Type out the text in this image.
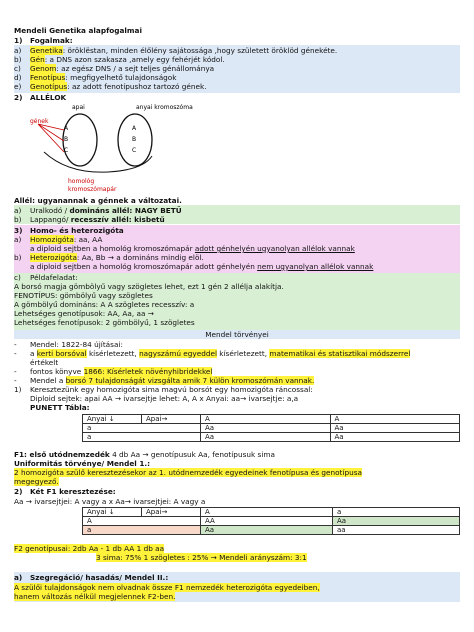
Mendeli Genetika alapfogalmai
1) Fogalmak:
a) Genetika: öröklëstan, minden élőlény sajátossága ,hogy született öröklöd génekéte.
b) Gén: a DNS azon szakasza ,amely egy fehérjét kódol.
c) Genom: az egész DNS / a sejt teljes génállománya
d) Fenotípus: megfigyelhető tulajdonságok
e) Genotípus: az adott fenotípushoz tartozó gének.
2) ALLÉLOK
apai	anyai kromoszóma
gének
A
B
C
A
B
C
homológ
kromoszómapár
Allél: ugyanannak a génnek a változatai.
a) Uralkodó / domináns allél: NAGY BETŰ
b) Lappangó/ recesszív allél: kisbetű
3) Homo- és heterozigóta
a) Homozigóta: aa, AA
a diploid sejtben a homológ kromoszómapár adott génhelyén ugyanolyan allélok vannak
b) Heterozigóta: Aa, Bb → a domináns mindig elöl.
a diploid sejtben a homológ kromoszómapár adott génhelyén nem ugyanolyan allélok vannak
c) Példafeladat:
A borsó magja gömbölyű vagy szögletes lehet, ezt 1 gén 2 allélja alakítja.
FENOTÍPUS: gömbölyű vagy szögletes
A gömbölyű domináns: A A szögletes recesszív: a
Lehetséges genotípusok: AA, Aa, aa →
Lehetséges fenotípusok: 2 gömbölyű, 1 szögletes
Mendel törvényei
- Mendel: 1822-84 újításai:
- a kerti borsóval kísérletezett, nagyszámú egyeddel kísérletezett, matematikai és statisztikai módszerrel
értékelt
- fontos könyve 1866: Kísérletek növényhibridekkel
- Mendel a borsó 7 tulajdonságát vizsgálta amik 7 külön kromoszómán vannak.
1) Keresztezünk egy homozigóta sima magvú borsót egy homozigóta ráncossal:
Diploid sejtek: apai AA → ivarsejtje lehet: A, A x Anyai: aa→ ivarsejtje: a,a
PUNETT Tábla:
Anyai ↓	Apai→	A	A
a		Aa	Aa
a		Aa	Aa
F1: első utódnemzedék 4 db Aa → genotípusuk Aa, fenotípusuk sima
Uniformitás törvénye/ Mendel 1.:
2 homozigóta szülő keresztezésekor az 1. utódnemzedék egyedeinek fenotípusa és genotípusa
megegyező.
2) Két F1 keresztezése:
Aa → ivarsejtjei: A vagy a x Aa→ ivarsejtjei: A vagy a
Anyai ↓	Apai→	A	a
A		AA	Aa
a		Aa	aa
F2 genotípusai: 2db Aa - 1 db AA 1 db aa
3 sima: 75% 1 szögletes : 25% → Mendeli arányszám: 3:1
a) Szegregáció/ hasadás/ Mendel II.:
A szülői tulajdonságok nem olvadnak össze F1 nemzedék heterozigóta egyedeiben,
hanem változás nélkül megjelennek F2-ben.
